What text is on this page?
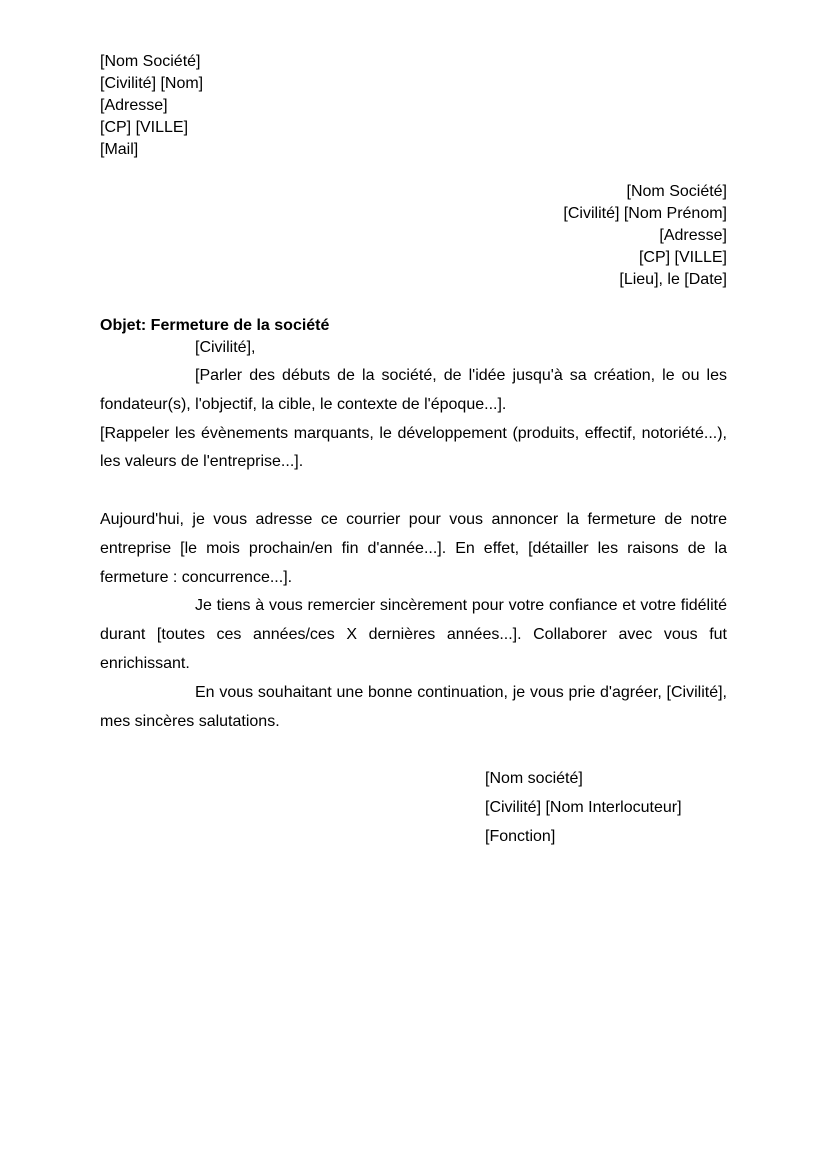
[Nom Société]
[Civilité] [Nom]
[Adresse]
[CP] [VILLE]
[Mail]
[Nom Société]
[Civilité] [Nom Prénom]
[Adresse]
[CP] [VILLE]
[Lieu], le [Date]
Objet: Fermeture de la société
[Civilité],

[Parler des débuts de la société, de l'idée jusqu'à sa création, le ou les fondateur(s), l'objectif, la cible, le contexte de l'époque...].

[Rappeler les évènements marquants, le développement (produits, effectif, notoriété...), les valeurs de l'entreprise...].

Aujourd'hui, je vous adresse ce courrier pour vous annoncer la fermeture de notre entreprise [le mois prochain/en fin d'année...]. En effet, [détailler les raisons de la fermeture : concurrence...].

Je tiens à vous remercier sincèrement pour votre confiance et votre fidélité durant [toutes ces années/ces X dernières années...]. Collaborer avec vous fut enrichissant.

En vous souhaitant une bonne continuation, je vous prie d'agréer, [Civilité], mes sincères salutations.

[Nom société]
[Civilité] [Nom Interlocuteur]
[Fonction]
